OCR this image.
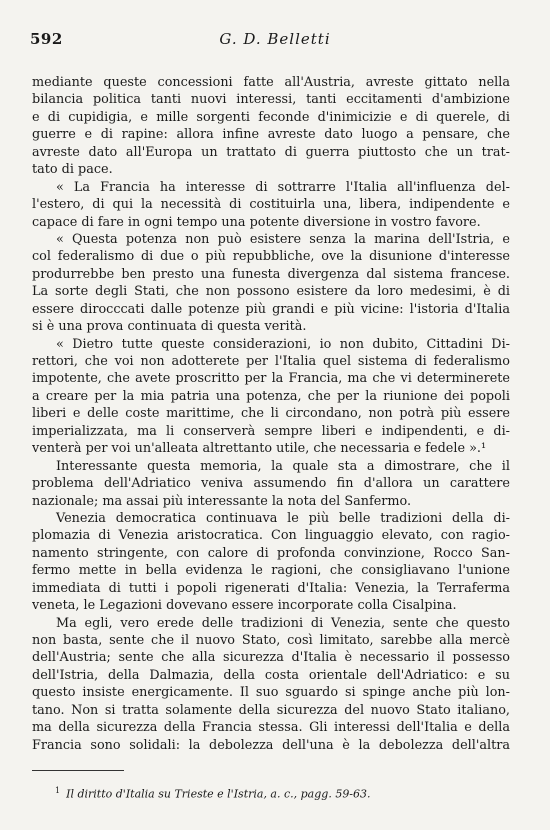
592	G. D. Belletti
mediante queste concessioni fatte all'Austria, avreste gittato nella
bilancia politica tanti nuovi interessi, tanti eccitamenti d'ambizione
e di cupidigia, e mille sorgenti feconde d'inimicizie e di querele, di
guerre e di rapine: allora infine avreste dato luogo a pensare, che
avreste dato all'Europa un trattato di guerra piuttosto che un trat-
tato di pace.
« La Francia ha interesse di sottrarre l'Italia all'influenza del-
l'estero, di qui la necessità di costituirla una, libera, indipendente e
capace di fare in ogni tempo una potente diversione in vostro favore.
« Questa potenza non può esistere senza la marina dell'Istria, e
col federalismo di due o più repubbliche, ove la disunione d'interesse
produrrebbe ben presto una funesta divergenza dal sistema francese.
La sorte degli Stati, che non possono esistere da loro medesimi, è di
essere dirocccati dalle potenze più grandi e più vicine: l'istoria d'Italia
si è una prova continuata di questa verità.
« Dietro tutte queste considerazioni, io non dubito, Cittadini Di-
rettori, che voi non adotterete per l'Italia quel sistema di federalismo
impotente, che avete proscritto per la Francia, ma che vi determinerete
a creare per la mia patria una potenza, che per la riunione dei popoli
liberi e delle coste marittime, che li circondano, non potrà più essere
imperializzata, ma li conserverà sempre liberi e indipendenti, e di-
venterà per voi un'alleata altrettanto utile, che necessaria e fedele ».¹
Interessante questa memoria, la quale sta a dimostrare, che il
problema dell'Adriatico veniva assumendo fin d'allora un carattere
nazionale; ma assai più interessante la nota del Sanfermo.
Venezia democratica continuava le più belle tradizioni della di-
plomazia di Venezia aristocratica. Con linguaggio elevato, con ragio-
namento stringente, con calore di profonda convinzione, Rocco San-
fermo mette in bella evidenza le ragioni, che consigliavano l'unione
immediata di tutti i popoli rigenerati d'Italia: Venezia, la Terraferma
veneta, le Legazioni dovevano essere incorporate colla Cisalpina.
Ma egli, vero erede delle tradizioni di Venezia, sente che questo
non basta, sente che il nuovo Stato, così limitato, sarebbe alla mercè
dell'Austria; sente che alla sicurezza d'Italia è necessario il possesso
dell'Istria, della Dalmazia, della costa orientale dell'Adriatico: e su
questo insiste energicamente. Il suo sguardo si spinge anche più lon-
tano. Non si tratta solamente della sicurezza del nuovo Stato italiano,
ma della sicurezza della Francia stessa. Gli interessi dell'Italia e della
Francia sono solidali: la debolezza dell'una è la debolezza dell'altra
$^1$ Il diritto d'Italia su Trieste e l'Istria, a. c., pagg. 59-63.
